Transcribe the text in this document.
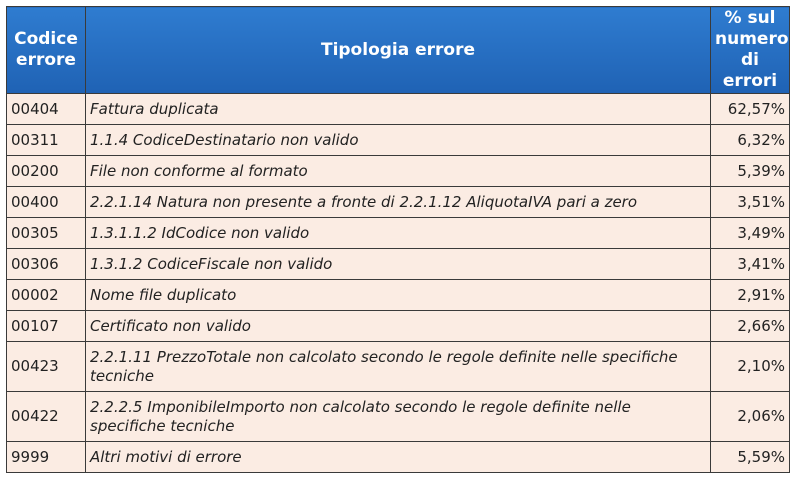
Codice errore	Tipologia errore	% sul numero di errori
00404	Fattura duplicata	62,57%
00311	1.1.4 CodiceDestinatario non valido	6,32%
00200	File non conforme al formato	5,39%
00400	2.2.1.14 Natura non presente a fronte di 2.2.1.12 AliquotaIVA pari a zero	3,51%
00305	1.3.1.1.2 IdCodice non valido	3,49%
00306	1.3.1.2 CodiceFiscale non valido	3,41%
00002	Nome file duplicato	2,91%
00107	Certificato non valido	2,66%
00423	2.2.1.11 PrezzoTotale non calcolato secondo le regole definite nelle specifiche tecniche	2,10%
00422	2.2.2.5 ImponibileImporto non calcolato secondo le regole definite nelle specifiche tecniche	2,06%
9999	Altri motivi di errore	5,59%
